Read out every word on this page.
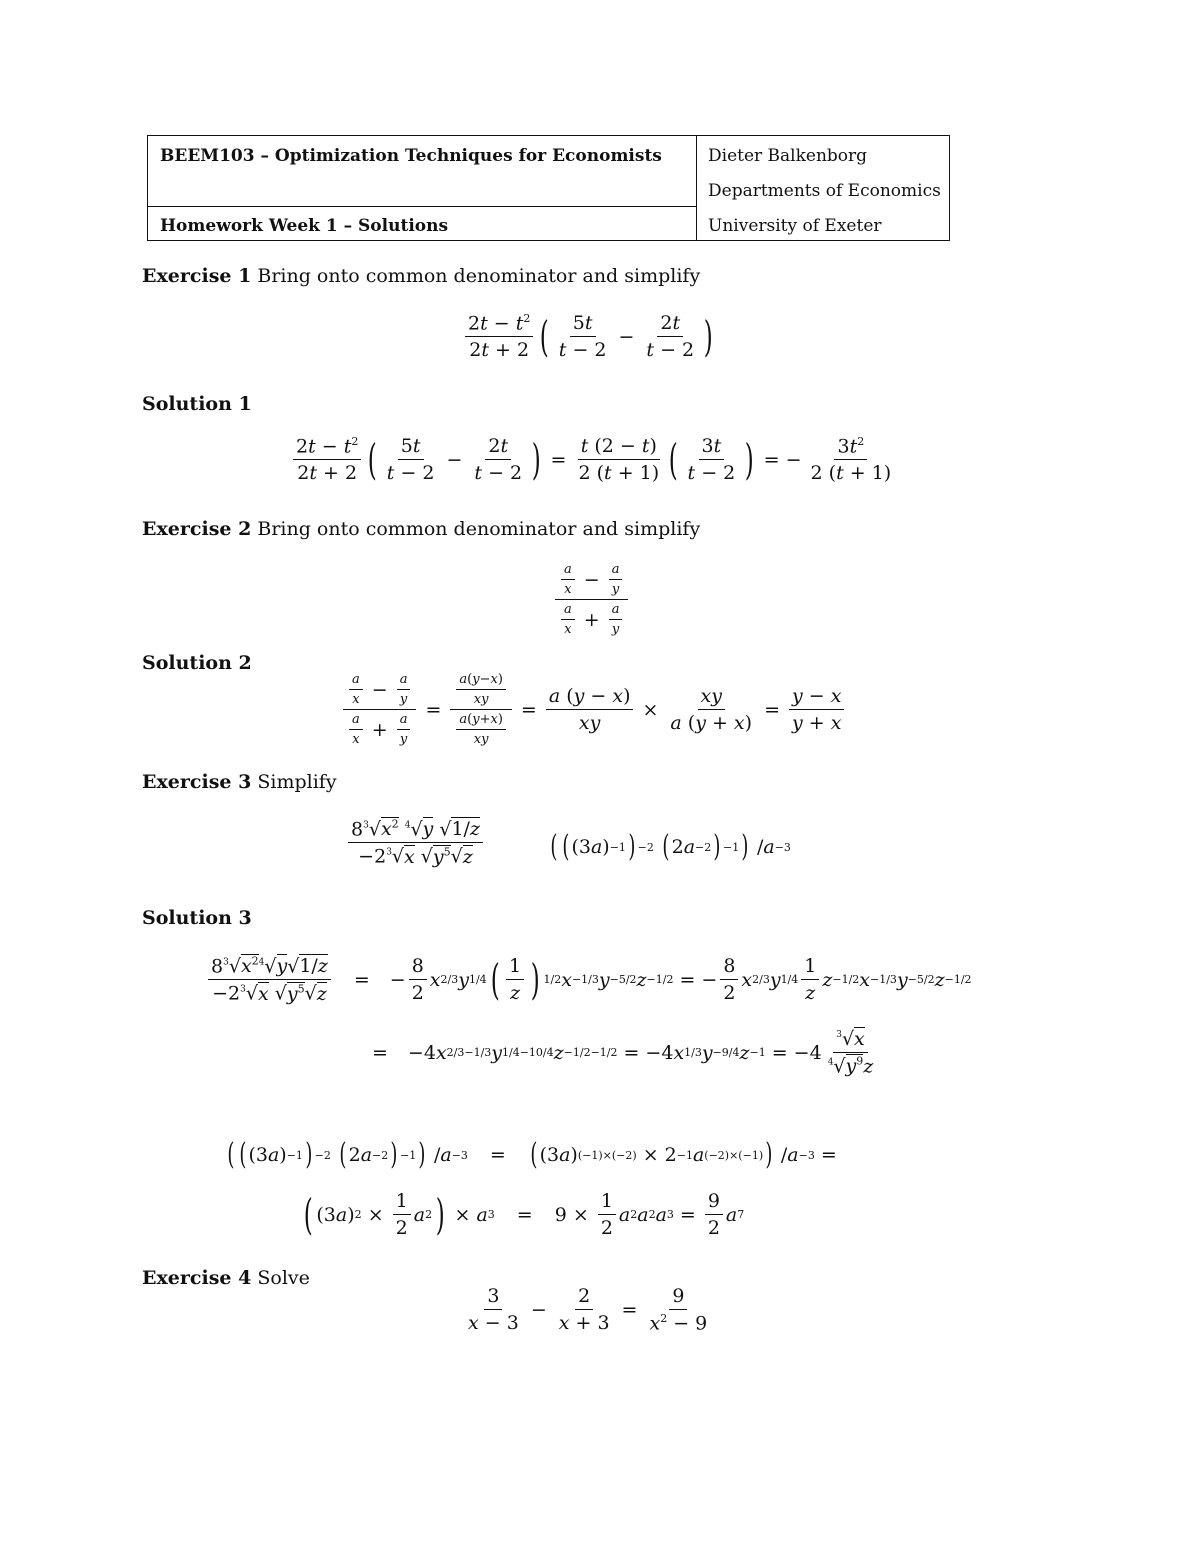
BEEM103 – Optimization Techniques for Economists
Homework Week 1 – Solutions
Dieter Balkenborg
Departments of Economics
University of Exeter
Exercise 1 Bring onto common denominator and simplify
$\frac{2t - t^2}{2t + 2}$ ( $\frac{5t}{t - 2} - \frac{2t}{t - 2}$ )
Solution 1
$\frac{2t - t^2}{2t + 2}$ ( $\frac{5t}{t - 2} - \frac{2t}{t - 2}$ ) = $\frac{t (2 - t)}{2 (t + 1)}$ ( $\frac{3t}{t - 2}$ ) = − $\frac{3t^2}{2 (t + 1)}$
Exercise 2 Bring onto common denominator and simplify
$\frac{\frac{a}{x} - \frac{a}{y}}{\frac{a}{x} + \frac{a}{y}}$
Solution 2
$\frac{\frac{a}{x} - \frac{a}{y}}{\frac{a}{x} + \frac{a}{y}} = \frac{\frac{a(y-x)}{xy}}{\frac{a(y+x)}{xy}} = \frac{a (y - x)}{xy} \times \frac{xy}{a (y + x)} = \frac{y - x}{y + x}$
Exercise 3 Simplify
$\frac{8^3√x^2 ^4√y √1/z}{-2^3√x √y^5√z}$ ( ( (3 a ) −1 ) −2
( 2 a −2 ) −1 ) / a −3
Solution 3
$\frac{8^3√x^{24}√y√1/z}{-2^3√x √y^5√z}$ = − $\frac{8}{2}$ x 2/3 y 1/4 ( $\frac{1}{z}$ ) 1/2 x −1/3 y −5/2 z −1/2 = − $\frac{8}{2}$ x 2/3 y $1/4 \frac{1}{z}$ z −1/2 x −1/3 y −5/2 z −1/2
= −4 x 2/3−1/3 y 1/4−10/4 z −1/2−1/2 = −4 x 1/3 y −9/4 $z -1 = -4 \frac{^3√x}{^4√y^9z}$
( ( (3 a ) −1 ) −2
( 2 a −2 ) −1 ) / a −3 = ( (3 a ) (−1)×(−2) × 2 −1 a (−2)×(−1) ) / a −3 =
( (3 a ) $2 \times \frac{1}{2}$ a 2 ) × a $3 = 9 \times \frac{1}{2}$ a 2 a 2 a $3 = \frac{9}{2}$ a 7
Exercise 4 Solve
$\frac{3}{x - 3} - \frac{2}{x + 3} = \frac{9}{x^2 - 9}$
